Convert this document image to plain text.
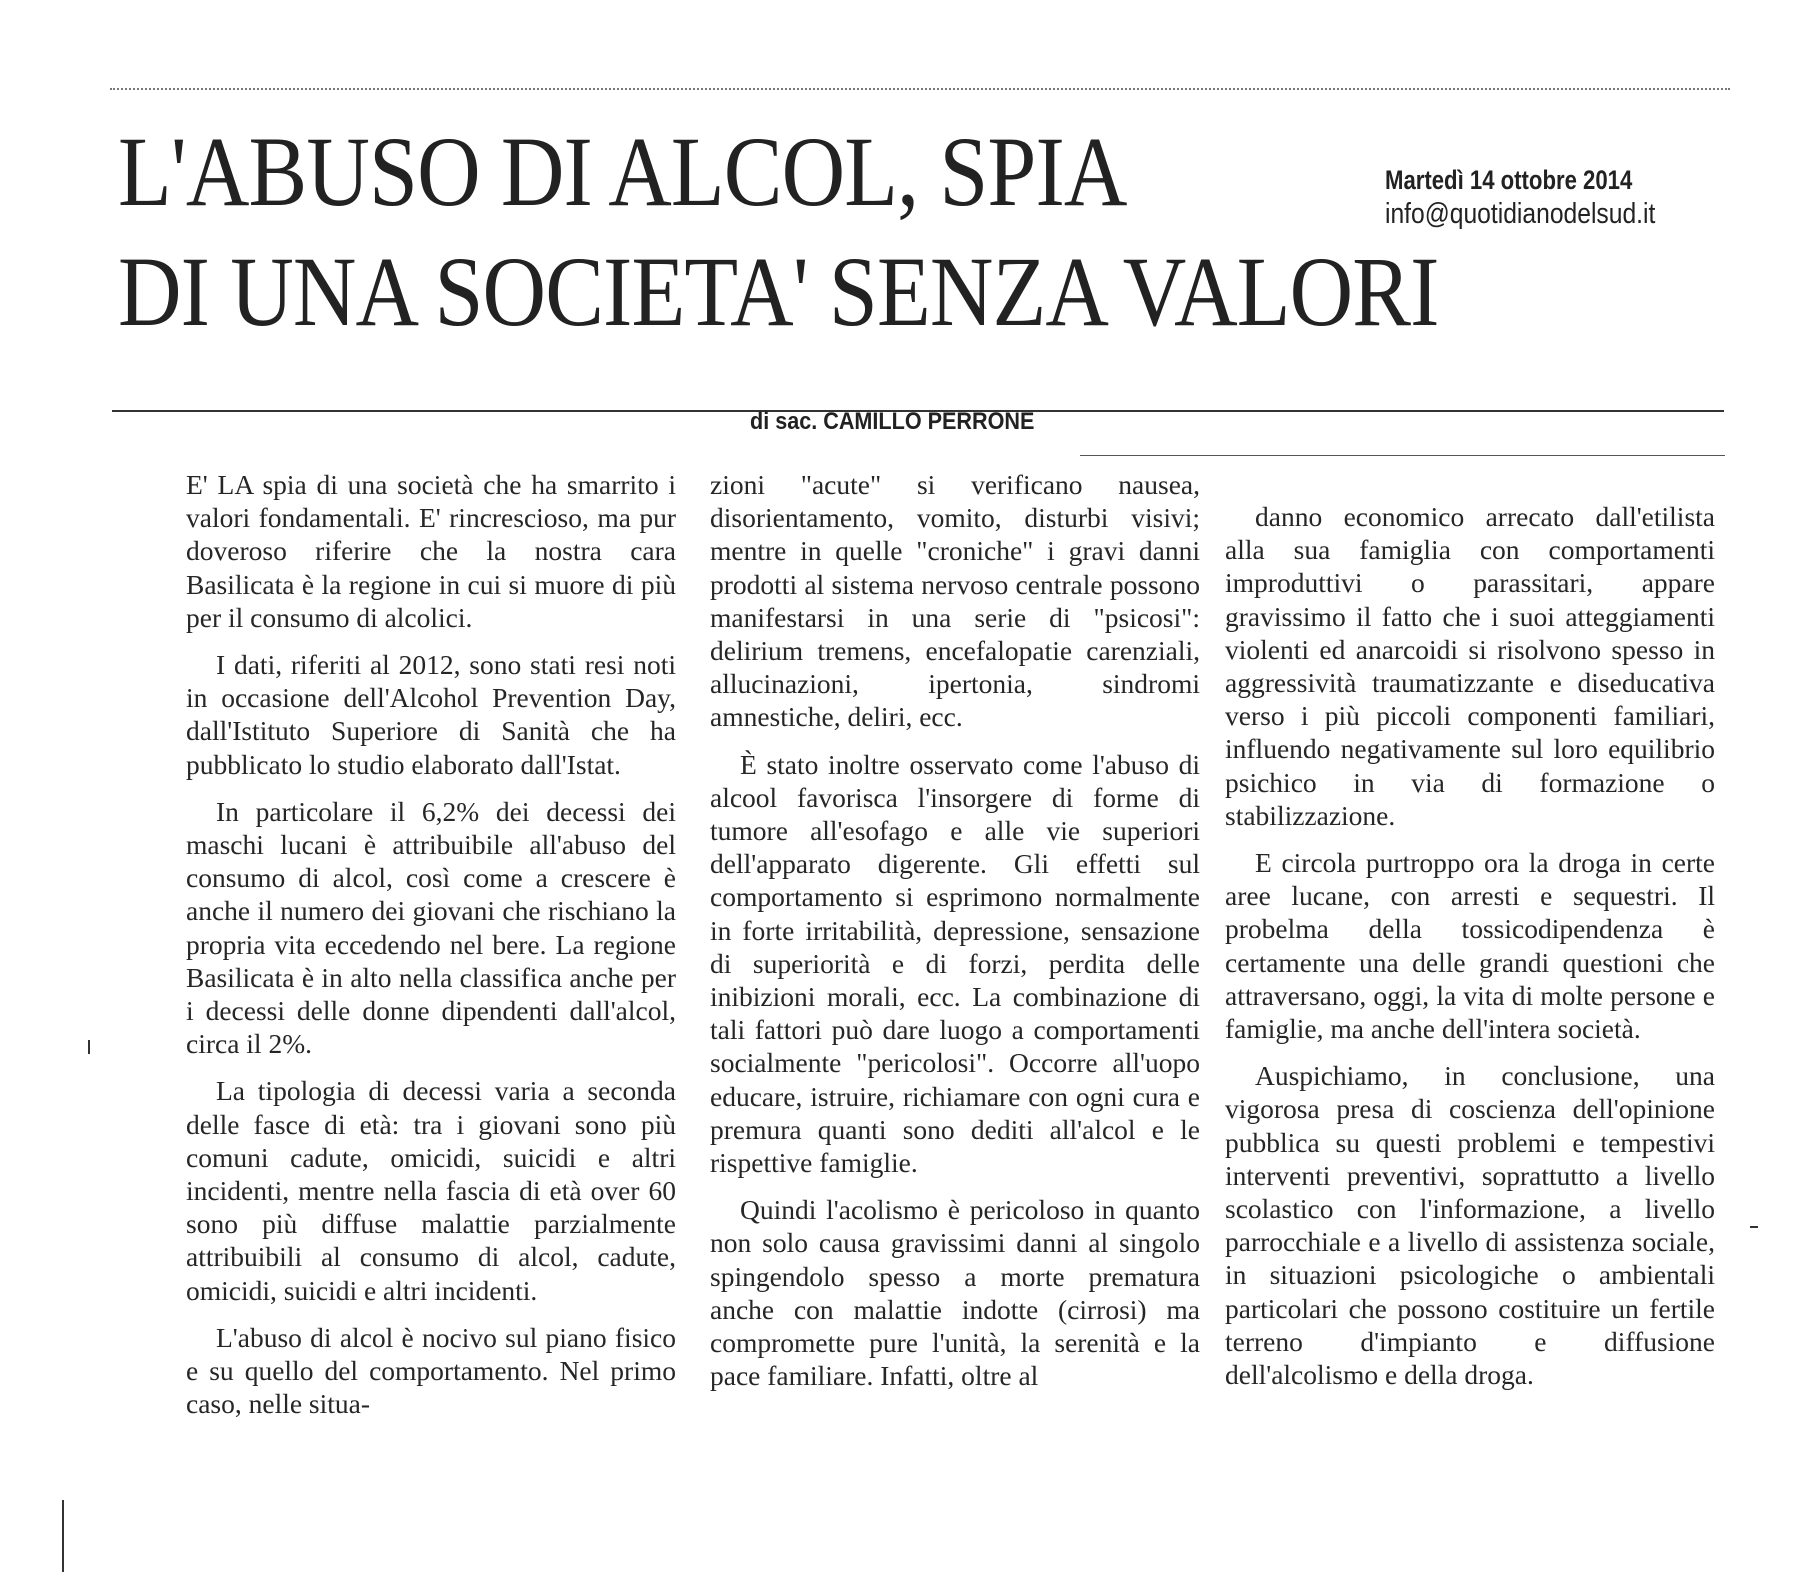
L'ABUSO DI ALCOL, SPIA
DI UNA SOCIETA' SENZA VALORI
Martedì 14 ottobre 2014
info@quotidianodelsud.it
di sac. CAMILLO PERRONE

E' LA spia di una società che ha smarrito i valori fondamentali. E' rincrescioso, ma pur doveroso riferire che la nostra cara Basilicata è la regione in cui si muore di più per il consumo di alcolici.

I dati, riferiti al 2012, sono stati resi noti in occasione dell'Alcohol Prevention Day, dall'Istituto Superiore di Sanità che ha pubblicato lo studio elaborato dall'Istat.

In particolare il 6,2% dei decessi dei maschi lucani è attribuibile all'abuso del consumo di alcol, così come a crescere è anche il numero dei giovani che rischiano la propria vita eccedendo nel bere. La regione Basilicata è in alto nella classifica anche per i decessi delle donne dipendenti dall'alcol, circa il 2%.

La tipologia di decessi varia a seconda delle fasce di età: tra i giovani sono più comuni cadute, omicidi, suicidi e altri incidenti, mentre nella fascia di età over 60 sono più diffuse malattie parzialmente attribuibili al consumo di alcol, cadute, omicidi, suicidi e altri incidenti.

L'abuso di alcol è nocivo sul piano fisico e su quello del comportamento. Nel primo caso, nelle situa-

zioni "acute" si verificano nausea, disorientamento, vomito, disturbi visivi; mentre in quelle "croniche" i gravi danni prodotti al sistema nervoso centrale possono manifestarsi in una serie di "psicosi": delirium tremens, encefalopatie carenziali, allucinazioni, ipertonia, sindromi amnestiche, deliri, ecc.

È stato inoltre osservato come l'abuso di alcool favorisca l'insorgere di forme di tumore all'esofago e alle vie superiori dell'apparato digerente. Gli effetti sul comportamento si esprimono normalmente in forte irritabilità, depressione, sensazione di superiorità e di forzi, perdita delle inibizioni morali, ecc. La combinazione di tali fattori può dare luogo a comportamenti socialmente "pericolosi". Occorre all'uopo educare, istruire, richiamare con ogni cura e premura quanti sono dediti all'alcol e le rispettive famiglie.

Quindi l'acolismo è pericoloso in quanto non solo causa gravissimi danni al singolo spingendolo spesso a morte prematura anche con malattie indotte (cirrosi) ma compromette pure l'unità, la serenità e la pace familiare. Infatti, oltre al

danno economico arrecato dall'etilista alla sua famiglia con comportamenti improduttivi o parassitari, appare gravissimo il fatto che i suoi atteggiamenti violenti ed anarcoidi si risolvono spesso in aggressività traumatizzante e diseducativa verso i più piccoli componenti familiari, influendo negativamente sul loro equilibrio psichico in via di formazione o stabilizzazione.

E circola purtroppo ora la droga in certe aree lucane, con arresti e sequestri. Il probelma della tossicodipendenza è certamente una delle grandi questioni che attraversano, oggi, la vita di molte persone e famiglie, ma anche dell'intera società.

Auspichiamo, in conclusione, una vigorosa presa di coscienza dell'opinione pubblica su questi problemi e tempestivi interventi preventivi, soprattutto a livello scolastico con l'informazione, a livello parrocchiale e a livello di assistenza sociale, in situazioni psicologiche o ambientali particolari che possono costituire un fertile terreno d'impianto e diffusione dell'alcolismo e della droga.
